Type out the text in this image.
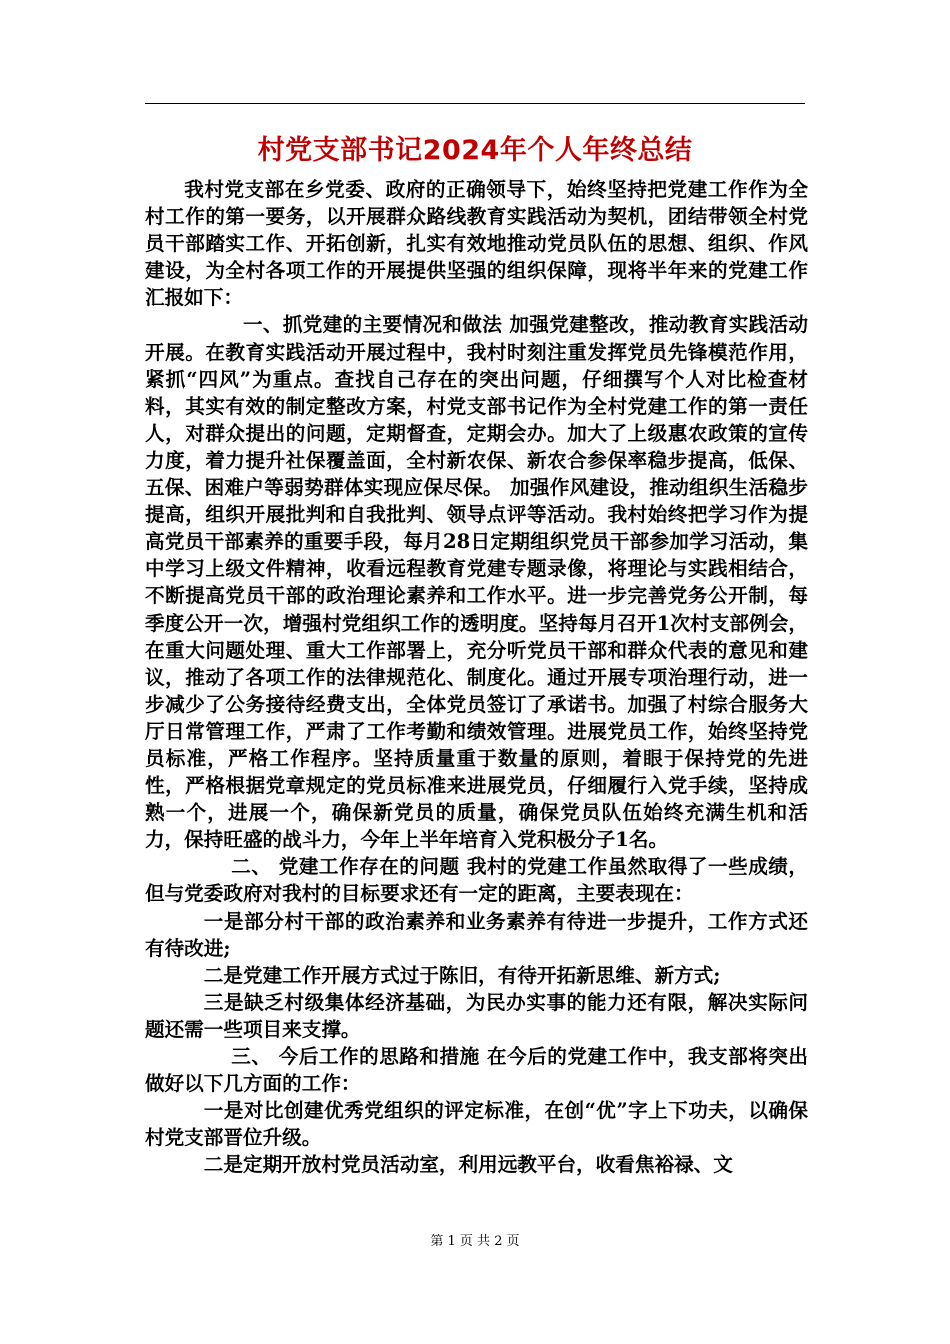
村党支部书记2024年个人年终总结

我村党支部在乡党委、政府的正确领导下，始终坚持把党建工作作为全村工作的第一要务，以开展群众路线教育实践活动为契机，团结带领全村党员干部踏实工作、开拓创新，扎实有效地推动党员队伍的思想、组织、作风建设，为全村各项工作的开展提供坚强的组织保障，现将半年来的党建工作汇报如下：

一、抓党建的主要情况和做法 加强党建整改，推动教育实践活动开展。在教育实践活动开展过程中，我村时刻注重发挥党员先锋模范作用，紧抓“四风”为重点。查找自己存在的突出问题，仔细撰写个人对比检查材料，其实有效的制定整改方案，村党支部书记作为全村党建工作的第一责任人，对群众提出的问题，定期督查，定期会办。加大了上级惠农政策的宣传力度，着力提升社保覆盖面，全村新农保、新农合参保率稳步提高，低保、五保、困难户等弱势群体实现应保尽保。 加强作风建设，推动组织生活稳步提高，组织开展批判和自我批判、领导点评等活动。我村始终把学习作为提高党员干部素养的重要手段，每月28日定期组织党员干部参加学习活动，集中学习上级文件精神，收看远程教育党建专题录像，将理论与实践相结合，不断提高党员干部的政治理论素养和工作水平。进一步完善党务公开制，每季度公开一次，增强村党组织工作的透明度。坚持每月召开1次村支部例会，在重大问题处理、重大工作部署上，充分听党员干部和群众代表的意见和建议，推动了各项工作的法律规范化、制度化。通过开展专项治理行动，进一步减少了公务接待经费支出，全体党员签订了承诺书。加强了村综合服务大厅日常管理工作，严肃了工作考勤和绩效管理。进展党员工作，始终坚持党员标准，严格工作程序。坚持质量重于数量的原则，着眼于保持党的先进性，严格根据党章规定的党员标准来进展党员，仔细履行入党手续，坚持成熟一个，进展一个，确保新党员的质量，确保党员队伍始终充满生机和活力，保持旺盛的战斗力，今年上半年培育入党积极分子1名。

二、 党建工作存在的问题 我村的党建工作虽然取得了一些成绩，但与党委政府对我村的目标要求还有一定的距离，主要表现在：

一是部分村干部的政治素养和业务素养有待进一步提升，工作方式还有待改进;

二是党建工作开展方式过于陈旧，有待开拓新思维、新方式;

三是缺乏村级集体经济基础，为民办实事的能力还有限，解决实际问题还需一些项目来支撑。

三、 今后工作的思路和措施 在今后的党建工作中，我支部将突出做好以下几方面的工作：

一是对比创建优秀党组织的评定标准，在创“优”字上下功夫，以确保村党支部晋位升级。

二是定期开放村党员活动室，利用远教平台，收看焦裕禄、文

第 1 页 共 2 页
